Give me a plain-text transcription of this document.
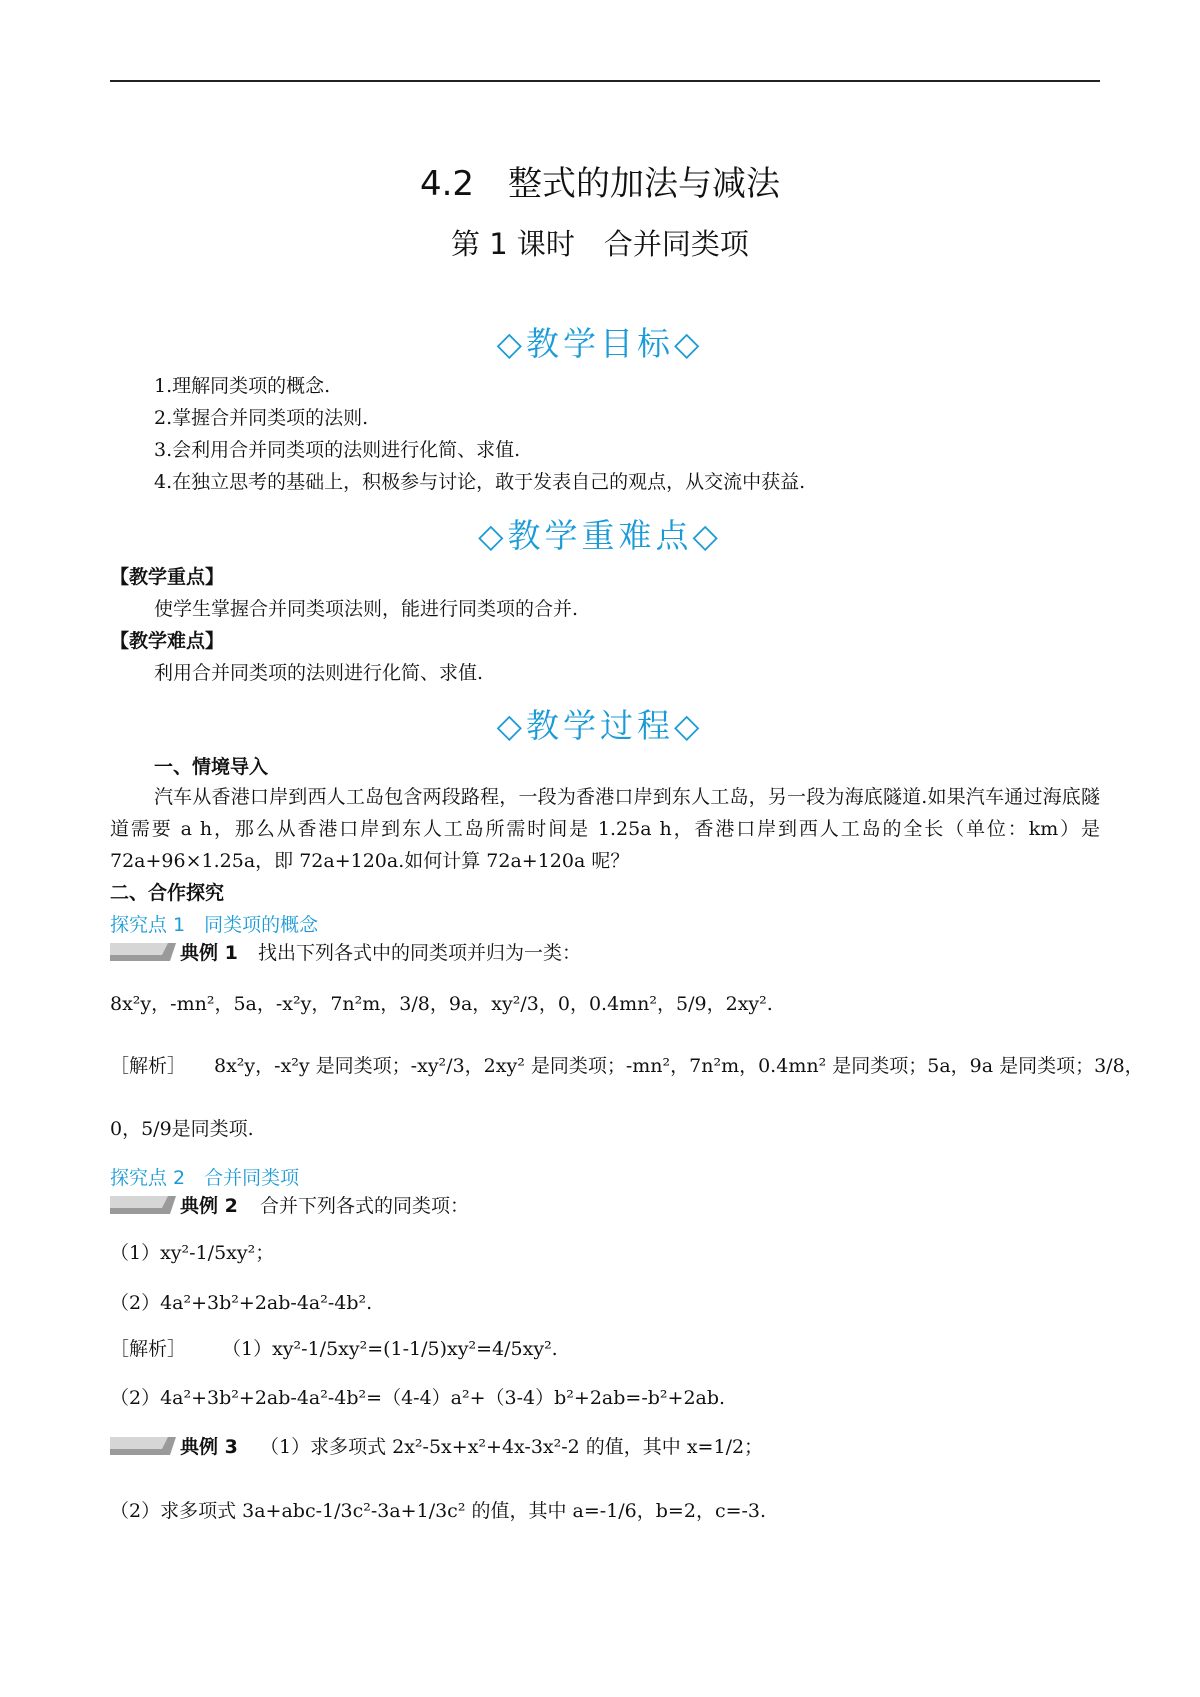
4.2　整式的加法与减法
第 1 课时　合并同类项
◇教学目标◇
1.理解同类项的概念.
2.掌握合并同类项的法则.
3.会利用合并同类项的法则进行化简、求值.
4.在独立思考的基础上，积极参与讨论，敢于发表自己的观点，从交流中获益.
◇教学重难点◇
【教学重点】
使学生掌握合并同类项法则，能进行同类项的合并.
【教学难点】
利用合并同类项的法则进行化简、求值.
◇教学过程◇
一、情境导入
汽车从香港口岸到西人工岛包含两段路程，一段为香港口岸到东人工岛，另一段为海底隧道.如果汽车通过海底隧道需要 a h，那么从香港口岸到东人工岛所需时间是 1.25a h，香港口岸到西人工岛的全长（单位：km）是 72a+96×1.25a，即 72a+120a.如何计算 72a+120a 呢？
二、合作探究
探究点 1　同类项的概念
典例 1 找出下列各式中的同类项并归为一类：
8x²y，-mn²，5a，-x²y，7n²m，3/8，9a，xy²/3，0，0.4mn²，5/9，2xy².
［解析］ 8x²y，-x²y 是同类项；-xy²/3，2xy² 是同类项；-mn²，7n²m，0.4mn² 是同类项；5a，9a 是同类项；3/8，
0，5/9是同类项.
探究点 2　合并同类项
典例 2 合并下列各式的同类项：
（1）xy²-1/5xy²；
（2）4a²+3b²+2ab-4a²-4b².
［解析］ （1）xy²-1/5xy²=(1-1/5)xy²=4/5xy².
（2）4a²+3b²+2ab-4a²-4b²=（4-4）a²+（3-4）b²+2ab=-b²+2ab.
典例 3 （1）求多项式 2x²-5x+x²+4x-3x²-2 的值，其中 x=1/2；
（2）求多项式 3a+abc-1/3c²-3a+1/3c² 的值，其中 a=-1/6，b=2，c=-3.
